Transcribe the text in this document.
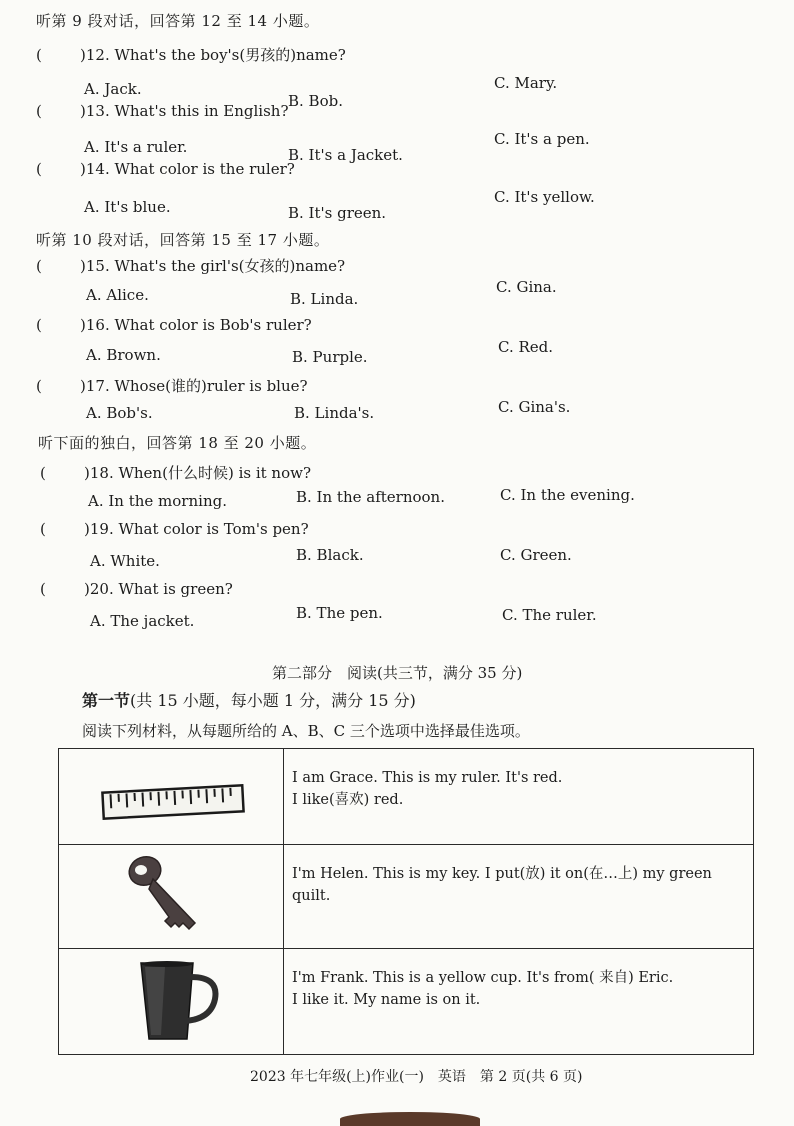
听第 9 段对话，回答第 12 至 14 小题。
(	)12. What's the boy's(男孩的)name?
A. Jack.
B. Bob.
C. Mary.
(	)13. What's this in English?
A. It's a ruler.	B. It's a Jacket.
C. It's a pen.
(	)14. What color is the ruler?
A. It's blue.	B. It's green.
C. It's yellow.
听第 10 段对话，回答第 15 至 17 小题。
(	)15. What's the girl's(女孩的)name?
A. Alice.	B. Linda.
C. Gina.
(	)16. What color is Bob's ruler?
A. Brown.	B. Purple.
C. Red.
(	)17. Whose(谁的)ruler is blue?
A. Bob's.	B. Linda's.	C. Gina's.
听下面的独白，回答第 18 至 20 小题。
(	)18. When(什么时候) is it now?
A. In the morning.	B. In the afternoon.	C. In the evening.
(	)19. What color is Tom's pen?
A. White.	B. Black.	C. Green.
(	)20. What is green?
A. The jacket.	B. The pen.	C. The ruler.
第二部分　阅读(共三节，满分 35 分)
第一节(共 15 小题，每小题 1 分，满分 15 分)
阅读下列材料，从每题所给的 A、B、C 三个选项中选择最佳选项。

I am Grace. This is my ruler. It's red.
I like(喜欢) red.

I'm Helen. This is my key. I put(放) it on(在…上) my green
quilt.

I'm Frank. This is a yellow cup. It's from( 来自) Eric.
I like it. My name is on it.
2023 年七年级(上)作业(一)　英语　第 2 页(共 6 页)
